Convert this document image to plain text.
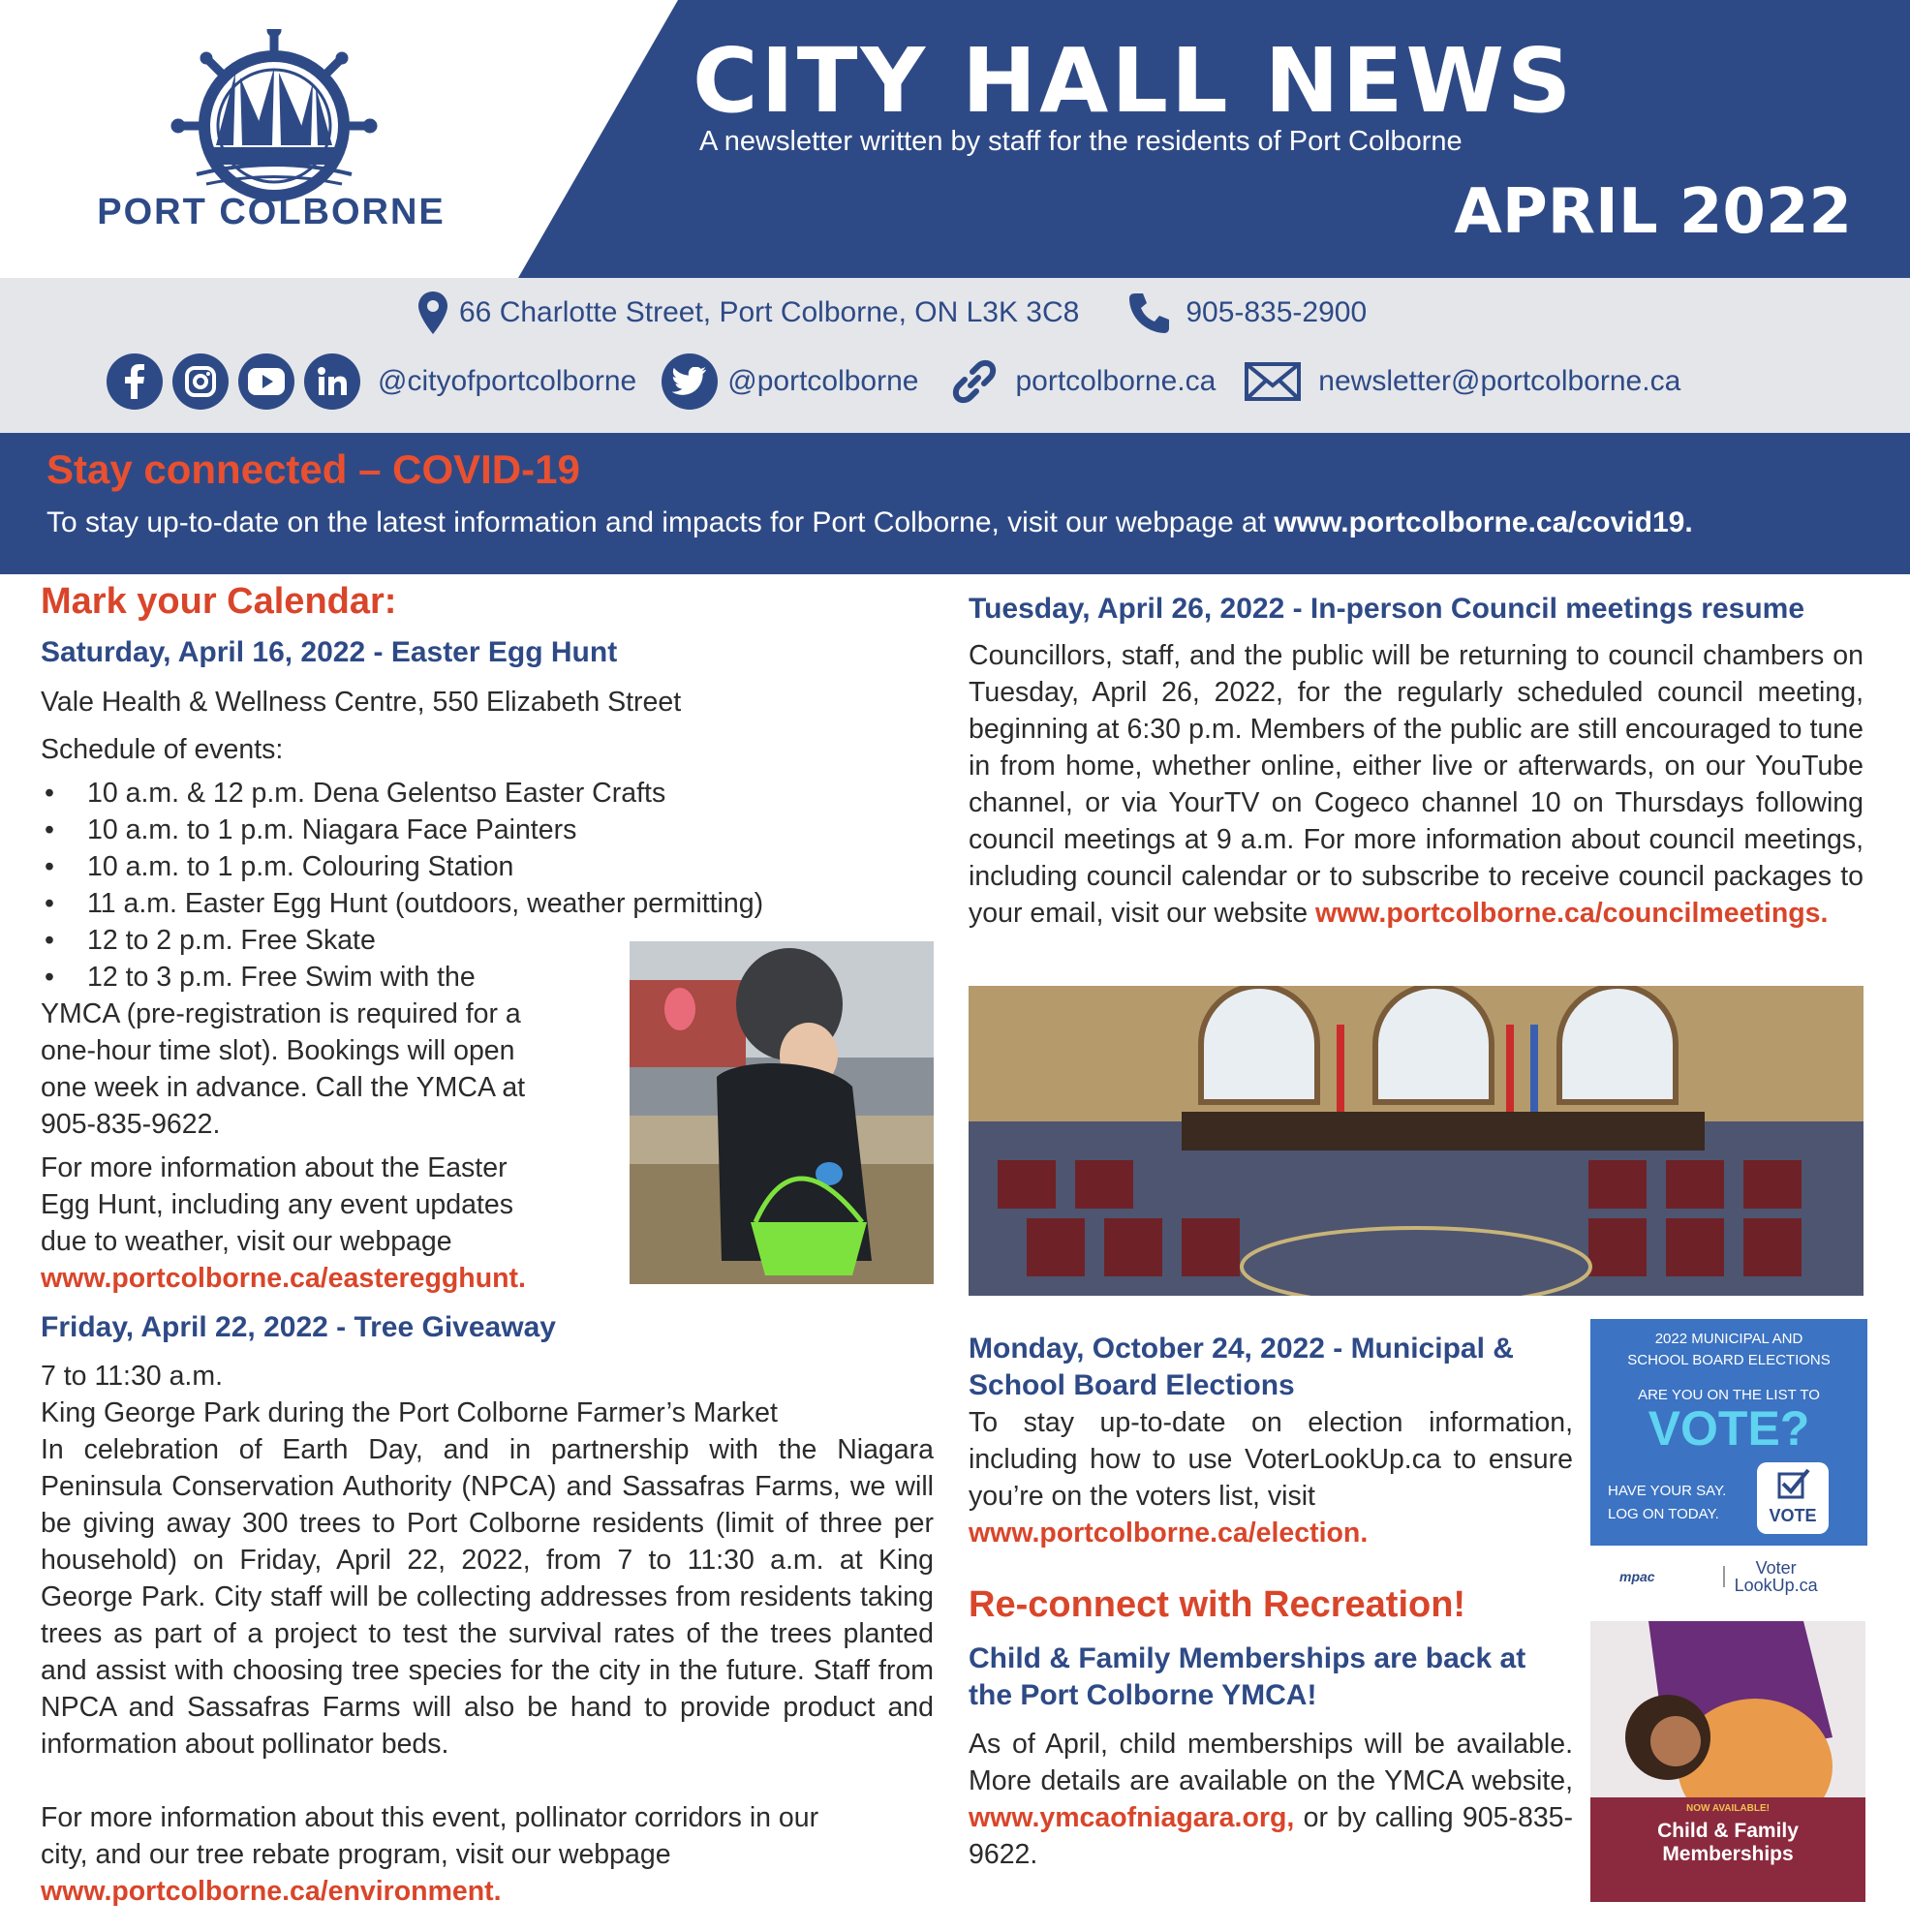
PORT COLBORNE
CITY HALL NEWS
A newsletter written by staff for the residents of Port Colborne
APRIL 2022
66 Charlotte Street, Port Colborne, ON L3K 3C8	905-835-2900
@cityofportcolborne	@portcolborne	portcolborne.ca	newsletter@portcolborne.ca
Stay connected – COVID-19
To stay up-to-date on the latest information and impacts for Port Colborne, visit our webpage at www.portcolborne.ca/covid19.
Mark your Calendar:
Saturday, April 16, 2022 - Easter Egg Hunt
Vale Health & Wellness Centre, 550 Elizabeth Street
Schedule of events:
• 10 a.m. & 12 p.m. Dena Gelentso Easter Crafts
• 10 a.m. to 1 p.m. Niagara Face Painters
• 10 a.m. to 1 p.m. Colouring Station
• 11 a.m. Easter Egg Hunt (outdoors, weather permitting)
• 12 to 2 p.m. Free Skate
• 12 to 3 p.m. Free Swim with the
YMCA (pre-registration is required for a
one-hour time slot). Bookings will open
one week in advance. Call the YMCA at
905-835-9622.
For more information about the Easter
Egg Hunt, including any event updates
due to weather, visit our webpage
www.portcolborne.ca/easteregghunt.
Friday, April 22, 2022 - Tree Giveaway
7 to 11:30 a.m.
King George Park during the Port Colborne Farmer’s Market
In celebration of Earth Day, and in partnership with the Niagara Peninsula Conservation Authority (NPCA) and Sassafras Farms, we will be giving away 300 trees to Port Colborne residents (limit of three per household) on Friday, April 22, 2022, from 7 to 11:30 a.m. at King George Park. City staff will be collecting addresses from residents taking trees as part of a project to test the survival rates of the trees planted and assist with choosing tree species for the city in the future. Staff from NPCA and Sassafras Farms will also be hand to provide product and information about pollinator beds.
For more information about this event, pollinator corridors in our
city, and our tree rebate program, visit our webpage
www.portcolborne.ca/environment.
Tuesday, April 26, 2022 - In-person Council meetings resume
Councillors, staff, and the public will be returning to council chambers on Tuesday, April 26, 2022, for the regularly scheduled council meeting, beginning at 6:30 p.m. Members of the public are still encouraged to tune in from home, whether online, either live or afterwards, on our YouTube channel, or via YourTV on Cogeco channel 10 on Thursdays following council meetings at 9 a.m. For more information about council meetings, including council calendar or to subscribe to receive council packages to your email, visit our website www.portcolborne.ca/councilmeetings.
Monday, October 24, 2022 - Municipal &
School Board Elections
To stay up-to-date on election information, including how to use VoterLookUp.ca to ensure you’re on the voters list, visit
www.portcolborne.ca/election.
2022 MUNICIPAL AND
SCHOOL BOARD ELECTIONS
ARE YOU ON THE LIST TO
VOTE?
HAVE YOUR SAY.
LOG ON TODAY.	VOTE
mpac	Voter
LookUp.ca
Re-connect with Recreation!
Child & Family Memberships are back at the Port Colborne YMCA!
As of April, child memberships will be available. More details are available on the YMCA website, www.ymcaofniagara.org, or by calling 905-835-9622.
NOW AVAILABLE!
Child & Family
Memberships
